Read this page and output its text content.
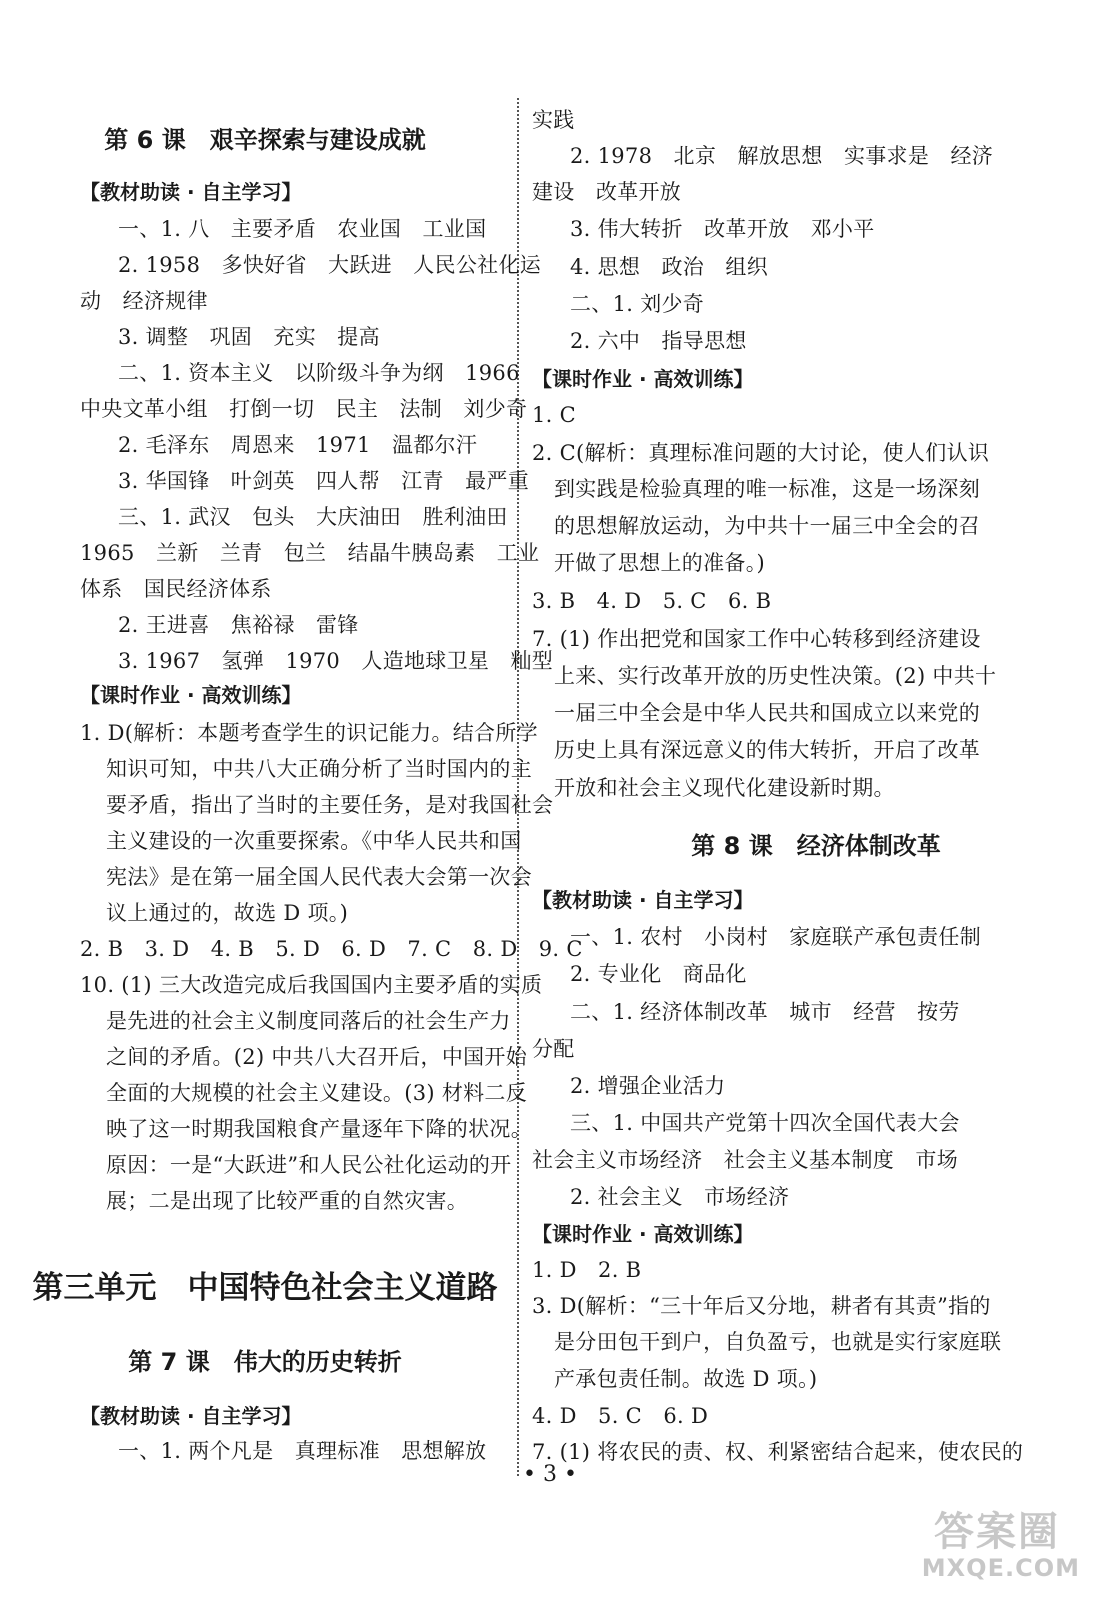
第 6 课　艰辛探索与建设成就
【教材助读 · 自主学习】
一、1. 八　主要矛盾　农业国　工业国
2. 1958　多快好省　大跃进　人民公社化运
动　经济规律
3. 调整　巩固　充实　提高
二、1. 资本主义　以阶级斗争为纲　1966
中央文革小组　打倒一切　民主　法制　刘少奇
2. 毛泽东　周恩来　1971　温都尔汗
3. 华国锋　叶剑英　四人帮　江青　最严重
三、1. 武汉　包头　大庆油田　胜利油田
1965　兰新　兰青　包兰　结晶牛胰岛素　工业
体系　国民经济体系
2. 王进喜　焦裕禄　雷锋
3. 1967　氢弹　1970　人造地球卫星　籼型
【课时作业 · 高效训练】
1. D(解析：本题考查学生的识记能力。结合所学
知识可知，中共八大正确分析了当时国内的主
要矛盾，指出了当时的主要任务，是对我国社会
主义建设的一次重要探索。《中华人民共和国
宪法》是在第一届全国人民代表大会第一次会
议上通过的，故选 D 项。)
2. B　3. D　4. B　5. D　6. D　7. C　8. D　9. C
10. (1) 三大改造完成后我国国内主要矛盾的实质
是先进的社会主义制度同落后的社会生产力
之间的矛盾。(2) 中共八大召开后，中国开始
全面的大规模的社会主义建设。(3) 材料二反
映了这一时期我国粮食产量逐年下降的状况。
原因：一是“大跃进”和人民公社化运动的开
展；二是出现了比较严重的自然灾害。
第三单元　中国特色社会主义道路
第 7 课　伟大的历史转折
【教材助读 · 自主学习】
一、1. 两个凡是　真理标准　思想解放
实践
2. 1978　北京　解放思想　实事求是　经济
建设　改革开放
3. 伟大转折　改革开放　邓小平
4. 思想　政治　组织
二、1. 刘少奇
2. 六中　指导思想
【课时作业 · 高效训练】
1. C
2. C(解析：真理标准问题的大讨论，使人们认识
到实践是检验真理的唯一标准，这是一场深刻
的思想解放运动，为中共十一届三中全会的召
开做了思想上的准备。)
3. B　4. D　5. C　6. B
7. (1) 作出把党和国家工作中心转移到经济建设
上来、实行改革开放的历史性决策。(2) 中共十
一届三中全会是中华人民共和国成立以来党的
历史上具有深远意义的伟大转折，开启了改革
开放和社会主义现代化建设新时期。
第 8 课　经济体制改革
【教材助读 · 自主学习】
一、1. 农村　小岗村　家庭联产承包责任制
2. 专业化　商品化
二、1. 经济体制改革　城市　经营　按劳
分配
2. 增强企业活力
三、1. 中国共产党第十四次全国代表大会
社会主义市场经济　社会主义基本制度　市场
2. 社会主义　市场经济
【课时作业 · 高效训练】
1. D　2. B
3. D(解析：“三十年后又分地，耕者有其责”指的
是分田包干到户，自负盈亏，也就是实行家庭联
产承包责任制。故选 D 项。)
4. D　5. C　6. D
7. (1) 将农民的责、权、利紧密结合起来，使农民的
• 3 •
答案圈
MXQE.COM
